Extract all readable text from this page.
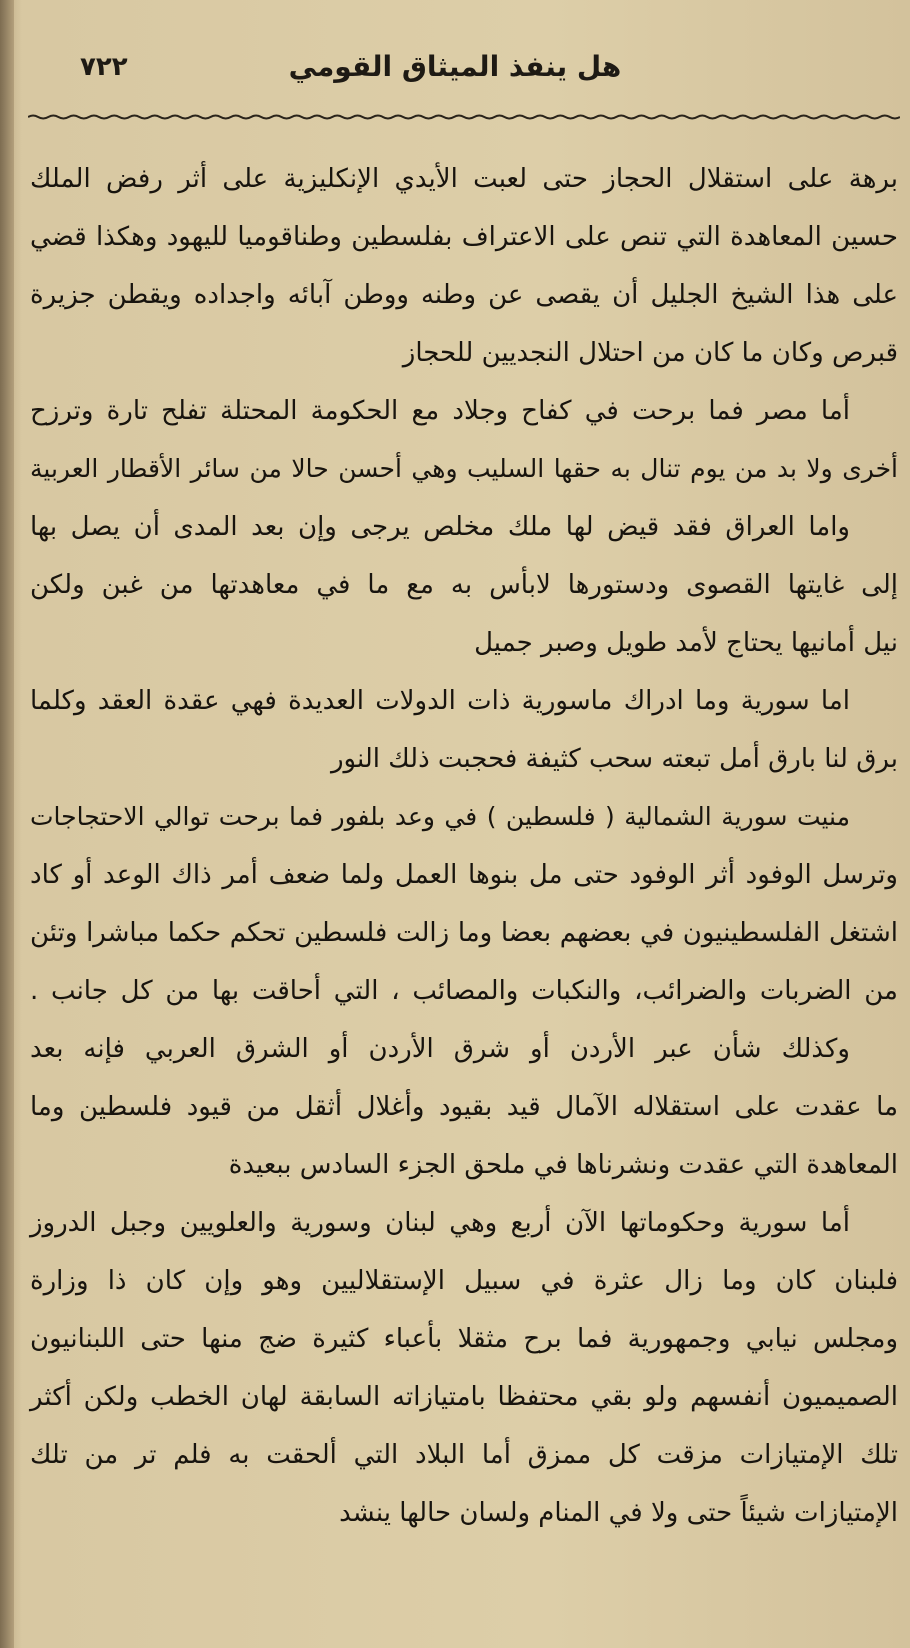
هل ينفذ الميثاق القومي
٧٢٢
برهة على استقلال الحجاز حتى لعبت الأيدي الإنكليزية على أثر رفض الملك
حسين المعاهدة التي تنص على الاعتراف بفلسطين وطناقوميا لليهود وهكذا قضي
على هذا الشيخ الجليل أن يقصى عن وطنه ووطن آبائه واجداده ويقطن جزيرة
قبرص وكان ما كان من احتلال النجديين للحجاز
أما مصر فما برحت في كفاح وجلاد مع الحكومة المحتلة تفلح تارة وترزح
أخرى ولا بد من يوم تنال به حقها السليب وهي أحسن حالا من سائر الأقطار العربية
واما العراق فقد قيض لها ملك مخلص يرجى وإن بعد المدى أن يصل بها
إلى غايتها القصوى ودستورها لابأس به مع ما في معاهدتها من غبن ولكن
نيل أمانيها يحتاج لأمد طويل وصبر جميل
اما سورية وما ادراك ماسورية ذات الدولات العديدة فهي عقدة العقد وكلما
برق لنا بارق أمل تبعته سحب كثيفة فحجبت ذلك النور
منيت سورية الشمالية ( فلسطين ) في وعد بلفور فما برحت توالي الاحتجاجات
وترسل الوفود أثر الوفود حتى مل بنوها العمل ولما ضعف أمر ذاك الوعد أو كاد
اشتغل الفلسطينيون في بعضهم بعضا وما زالت فلسطين تحكم حكما مباشرا وتئن
من الضربات والضرائب، والنكبات والمصائب ، التي أحاقت بها من كل جانب .
وكذلك شأن عبر الأردن أو شرق الأردن أو الشرق العربي فإنه بعد
ما عقدت على استقلاله الآمال قيد بقيود وأغلال أثقل من قيود فلسطين وما
المعاهدة التي عقدت ونشرناها في ملحق الجزء السادس ببعيدة
أما سورية وحكوماتها الآن أربع وهي لبنان وسورية والعلويين وجبل الدروز
فلبنان كان وما زال عثرة في سبيل الإستقلاليين وهو وإن كان ذا وزارة
ومجلس نيابي وجمهورية فما برح مثقلا بأعباء كثيرة ضج منها حتى اللبنانيون
الصميميون أنفسهم ولو بقي محتفظا بامتيازاته السابقة لهان الخطب ولكن أكثر
تلك الإمتيازات مزقت كل ممزق أما البلاد التي ألحقت به فلم تر من تلك
الإمتيازات شيئاً حتى ولا في المنام ولسان حالها ينشد
